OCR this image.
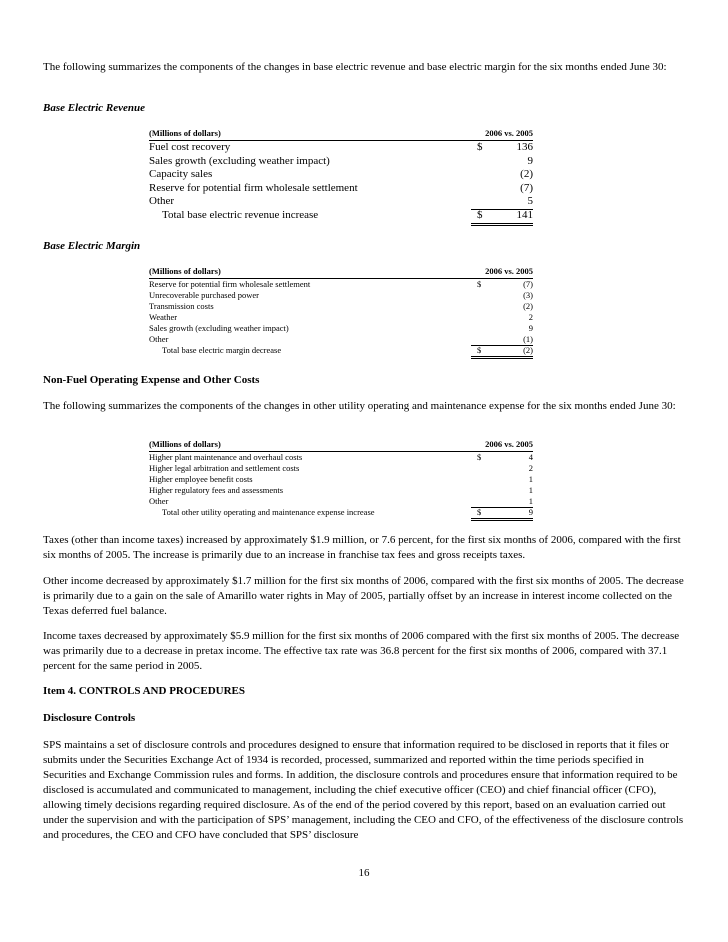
The following summarizes the components of the changes in base electric revenue and base electric margin for the six months ended June 30:
Base Electric Revenue
(Millions of dollars)	2006 vs. 2005
Fuel cost recovery	$	136
Sales growth (excluding weather impact)	9
Capacity sales	(2)
Reserve for potential firm wholesale settlement	(7)
Other	5
Total base electric revenue increase	$	141
Base Electric Margin
(Millions of dollars)	2006 vs. 2005
Reserve for potential firm wholesale settlement	$	(7)
Unrecoverable purchased power	(3)
Transmission costs	(2)
Weather	2
Sales growth (excluding weather impact)	9
Other	(1)
Total base electric margin decrease	$	(2)
Non-Fuel Operating Expense and Other Costs
The following summarizes the components of the changes in other utility operating and maintenance expense for the six months ended June 30:
(Millions of dollars)	2006 vs. 2005
Higher plant maintenance and overhaul costs	$	4
Higher legal arbitration and settlement costs	2
Higher employee benefit costs	1
Higher regulatory fees and assessments	1
Other	1
Total other utility operating and maintenance expense increase	$	9
Taxes (other than income taxes) increased by approximately $1.9 million, or 7.6 percent, for the first six months of 2006, compared with the first six months of 2005. The increase is primarily due to an increase in franchise tax fees and gross receipts taxes.
Other income decreased by approximately $1.7 million for the first six months of 2006, compared with the first six months of 2005. The decrease is primarily due to a gain on the sale of Amarillo water rights in May of 2005, partially offset by an increase in interest income collected on the Texas deferred fuel balance.
Income taxes decreased by approximately $5.9 million for the first six months of 2006 compared with the first six months of 2005. The decrease was primarily due to a decrease in pretax income. The effective tax rate was 36.8 percent for the first six months of 2006, compared with 37.1 percent for the same period in 2005.
Item 4. CONTROLS AND PROCEDURES
Disclosure Controls
SPS maintains a set of disclosure controls and procedures designed to ensure that information required to be disclosed in reports that it files or submits under the Securities Exchange Act of 1934 is recorded, processed, summarized and reported within the time periods specified in Securities and Exchange Commission rules and forms. In addition, the disclosure controls and procedures ensure that information required to be disclosed is accumulated and communicated to management, including the chief executive officer (CEO) and chief financial officer (CFO), allowing timely decisions regarding required disclosure. As of the end of the period covered by this report, based on an evaluation carried out under the supervision and with the participation of SPS’ management, including the CEO and CFO, of the effectiveness of the disclosure controls and procedures, the CEO and CFO have concluded that SPS’ disclosure
16
